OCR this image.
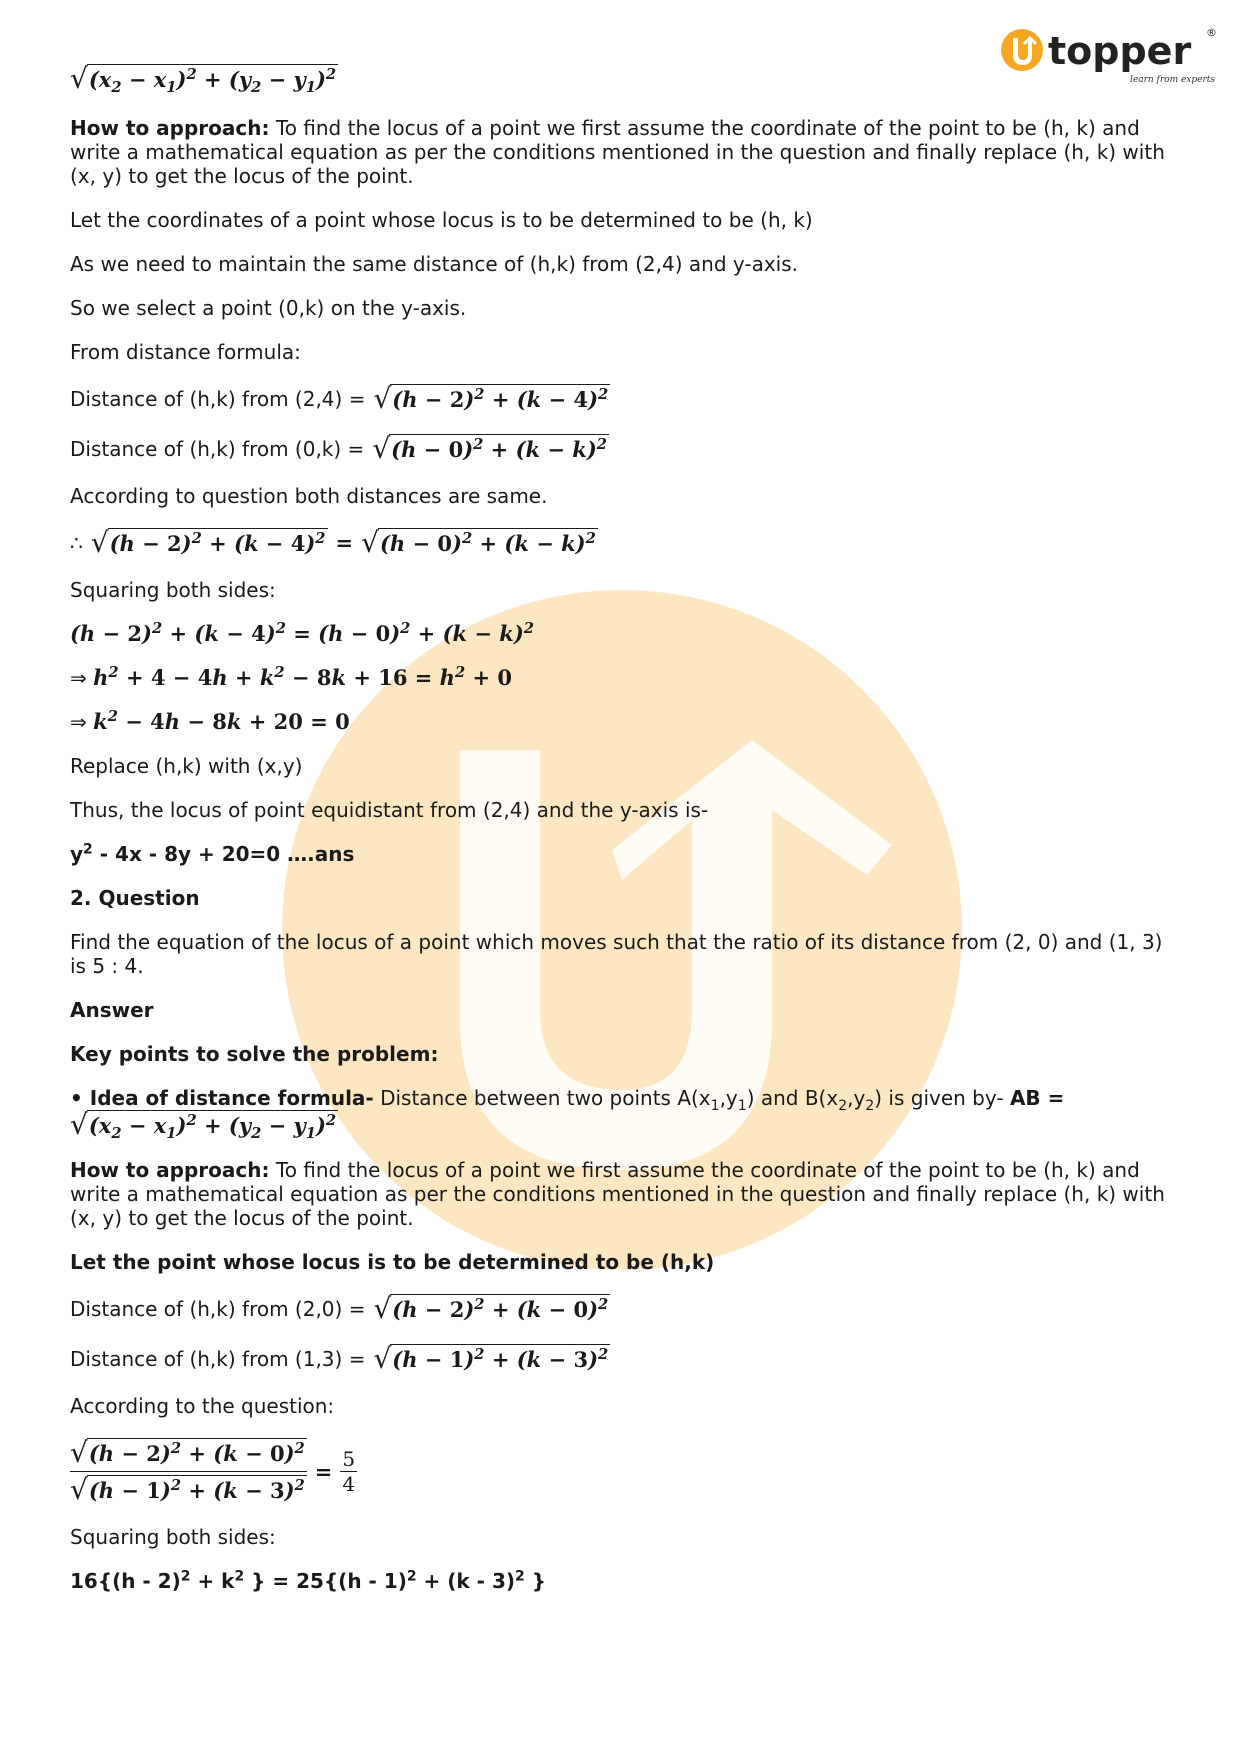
topper ®
learn from experts
√ $(x_2 - x_1)^2 + (y_2 - y_1)^2$

How to approach: To find the locus of a point we first assume the coordinate of the point to be (h, k) and write a mathematical equation as per the conditions mentioned in the question and finally replace (h, k) with (x, y) to get the locus of the point.

Let the coordinates of a point whose locus is to be determined to be (h, k)

As we need to maintain the same distance of (h,k) from (2,4) and y-axis.

So we select a point (0,k) on the y-axis.

From distance formula:

Distance of (h,k) from (2,4) = √ $(h - 2)^2 + (k - 4)^2$
Distance of (h,k) from (0,k) = √ $(h - 0)^2 + (k - k)^2$

According to question both distances are same.

∴ √ $(h - 2)^2 + (k - 4)^2$ = √ $(h - 0)^2 + (k - k)^2$

Squaring both sides:

$(h - 2)^2 + (k - 4)^2 = (h - 0)^2 + (k - k)^2$
⇒ $h^2 + 4 - 4h + k^2 - 8k + 16 = h^2 + 0$
⇒ $k^2 - 4h - 8k + 20 = 0$

Replace (h,k) with (x,y)

Thus, the locus of point equidistant from (2,4) and the y-axis is-

$y^2 - 4x - 8y + 20=0$ ….ans

2. Question

Find the equation of the locus of a point which moves such that the ratio of its distance from (2, 0) and (1, 3) is 5 : 4.

Answer

Key points to solve the problem:

• Idea of distance formula- Distance between two points $A(x_1,y_1)$ and $B(x_2,y_2)$ is given by- AB =

√ $(x_2 - x_1)^2 + (y_2 - y_1)^2$

How to approach: To find the locus of a point we first assume the coordinate of the point to be (h, k) and write a mathematical equation as per the conditions mentioned in the question and finally replace (h, k) with (x, y) to get the locus of the point.

Let the point whose locus is to be determined to be (h,k)

Distance of (h,k) from (2,0) = √ $(h - 2)^2 + (k - 0)^2$
Distance of (h,k) from (1,3) = √ $(h - 1)^2 + (k - 3)^2$

According to the question:

$\frac{√ (h - 2)^2 + (k - 0)^2}{√ (h - 1)^2 + (k - 3)^2} = \frac{5}{4}$

Squaring both sides:

$16\{(h - 2)^2 + k^2$ } = 25{(h - 1)$^2$ + (k - 3)$^2$ }
